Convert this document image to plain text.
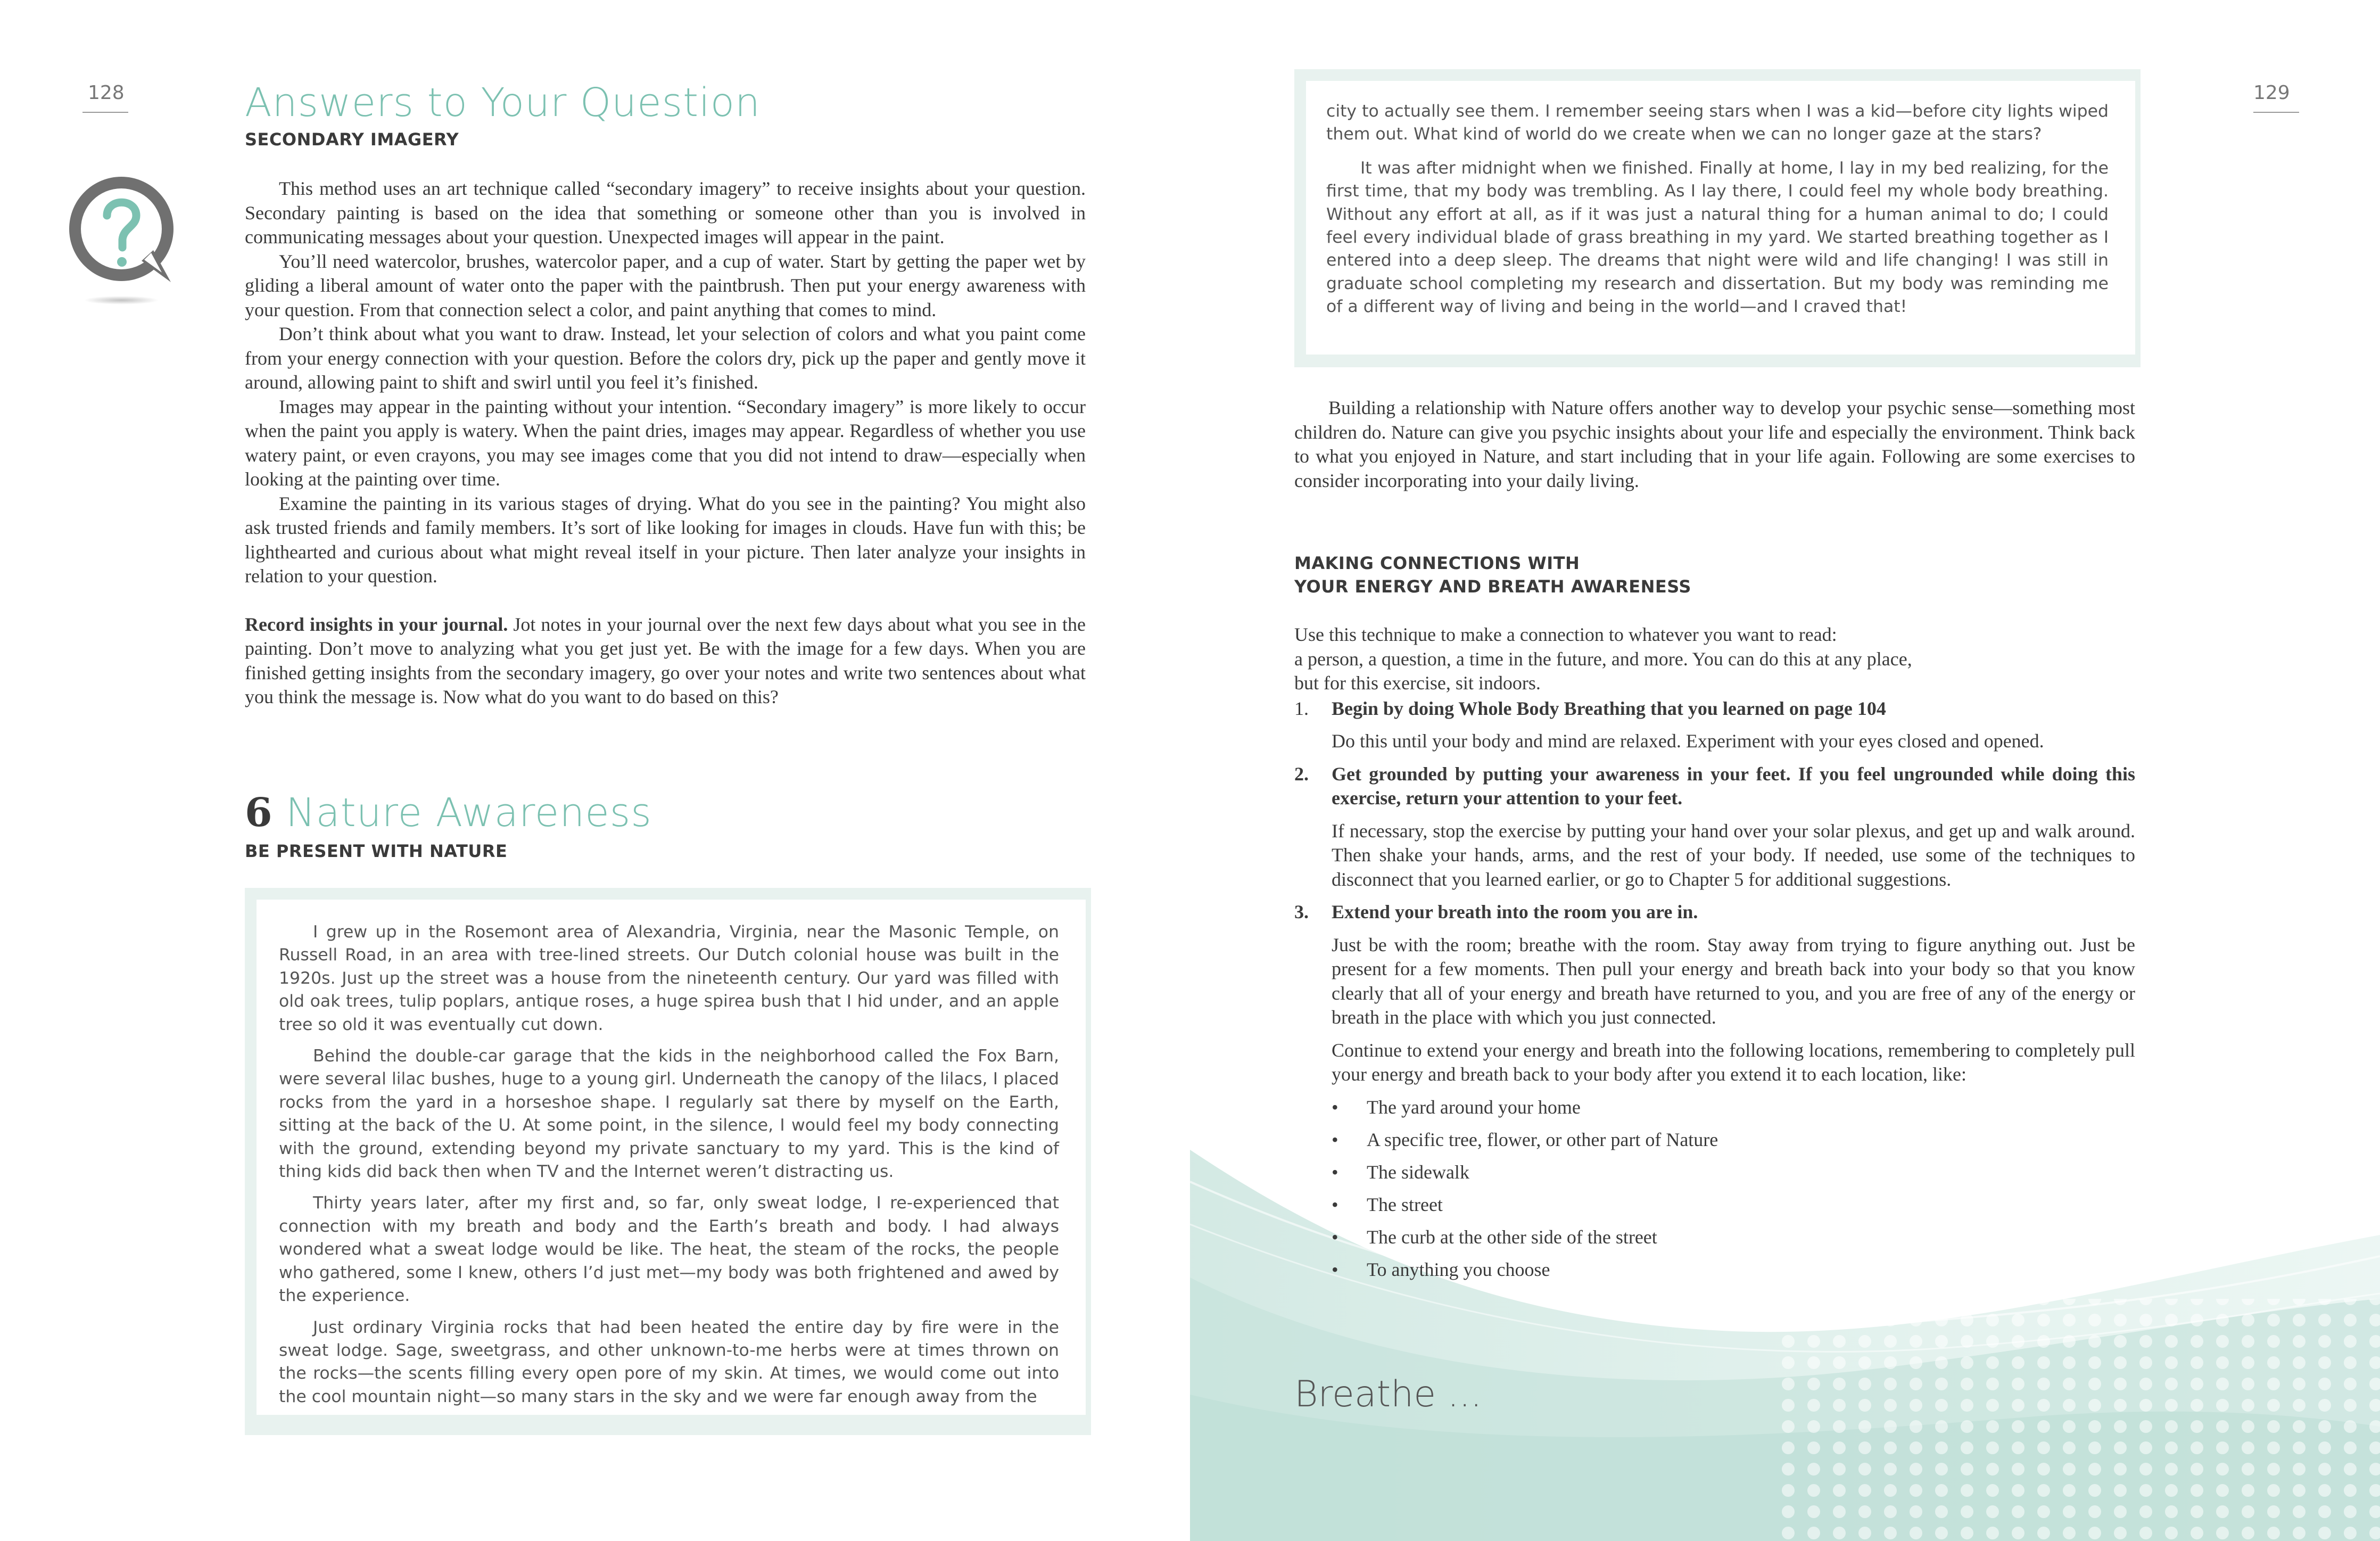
128	Answers to Your Question
SECONDARY IMAGERY

This method uses an art technique called “secondary imagery” to receive insights about your question. Secondary painting is based on the idea that something or someone other than you is involved in communicating messages about your question. Unexpected images will appear in the paint.

You’ll need watercolor, brushes, watercolor paper, and a cup of water. Start by getting the paper wet by gliding a liberal amount of water onto the paper with the paintbrush. Then put your energy awareness with your question. From that connection select a color, and paint anything that comes to mind.

Don’t think about what you want to draw. Instead, let your selection of colors and what you paint come from your energy connection with your question. Before the colors dry, pick up the paper and gently move it around, allowing paint to shift and swirl until you feel it’s finished.

Images may appear in the painting without your intention. “Secondary imagery” is more likely to occur when the paint you apply is watery. When the paint dries, images may appear. Regardless of whether you use watery paint, or even crayons, you may see images come that you did not intend to draw—especially when looking at the painting over time.

Examine the painting in its various stages of drying. What do you see in the painting? You might also ask trusted friends and family members. It’s sort of like looking for images in clouds. Have fun with this; be lighthearted and curious about what might reveal itself in your picture. Then later analyze your insights in relation to your question.

Record insights in your journal. Jot notes in your journal over the next few days about what you see in the painting. Don’t move to analyzing what you get just yet. Be with the image for a few days. When you are finished getting insights from the secondary imagery, go over your notes and write two sentences about what you think the message is. Now what do you want to do based on this?

6 Nature Awareness
BE PRESENT WITH NATURE

I grew up in the Rosemont area of Alexandria, Virginia, near the Masonic Temple, on Russell Road, in an area with tree-lined streets. Our Dutch colonial house was built in the 1920s. Just up the street was a house from the nineteenth century. Our yard was filled with old oak trees, tulip poplars, antique roses, a huge spirea bush that I hid under, and an apple tree so old it was eventually cut down.

Behind the double-car garage that the kids in the neighborhood called the Fox Barn, were several lilac bushes, huge to a young girl. Underneath the canopy of the lilacs, I placed rocks from the yard in a horseshoe shape. I regularly sat there by myself on the Earth, sitting at the back of the U. At some point, in the silence, I would feel my body connecting with the ground, extending beyond my private sanctuary to my yard. This is the kind of thing kids did back then when TV and the Internet weren’t distracting us.

Thirty years later, after my first and, so far, only sweat lodge, I re-experienced that connection with my breath and body and the Earth’s breath and body. I had always wondered what a sweat lodge would be like. The heat, the steam of the rocks, the people who gathered, some I knew, others I’d just met—my body was both frightened and awed by the experience.

Just ordinary Virginia rocks that had been heated the entire day by fire were in the sweat lodge. Sage, sweetgrass, and other unknown-to-me herbs were at times thrown on the rocks—the scents filling every open pore of my skin. At times, we would come out into the cool mountain night—so many stars in the sky and we were far enough away from the

129

city to actually see them. I remember seeing stars when I was a kid—before city lights wiped them out. What kind of world do we create when we can no longer gaze at the stars?

It was after midnight when we finished. Finally at home, I lay in my bed realizing, for the first time, that my body was trembling. As I lay there, I could feel my whole body breathing. Without any effort at all, as if it was just a natural thing for a human animal to do; I could feel every individual blade of grass breathing in my yard. We started breathing together as I entered into a deep sleep. The dreams that night were wild and life changing! I was still in graduate school completing my research and dissertation. But my body was reminding me of a different way of living and being in the world—and I craved that!

Building a relationship with Nature offers another way to develop your psychic sense—something most children do. Nature can give you psychic insights about your life and especially the environment. Think back to what you enjoyed in Nature, and start including that in your life again. Following are some exercises to consider incorporating into your daily living.

MAKING CONNECTIONS WITH
YOUR ENERGY AND BREATH AWARENESS
Use this technique to make a connection to whatever you want to read:
a person, a question, a time in the future, and more. You can do this at any place,
but for this exercise, sit indoors.
1. Begin by doing Whole Body Breathing that you learned on page 104

Do this until your body and mind are relaxed. Experiment with your eyes closed and opened.

2. Get grounded by putting your awareness in your feet. If you feel ungrounded while doing this exercise, return your attention to your feet.

If necessary, stop the exercise by putting your hand over your solar plexus, and get up and walk around. Then shake your hands, arms, and the rest of your body. If needed, use some of the techniques to disconnect that you learned earlier, or go to Chapter 5 for additional suggestions.

3. Extend your breath into the room you are in.

Just be with the room; breathe with the room. Stay away from trying to figure anything out. Just be present for a few moments. Then pull your energy and breath back into your body so that you know clearly that all of your energy and breath have returned to you, and you are free of any of the energy or breath in the place with which you just connected.

Continue to extend your energy and breath into the following locations, remembering to completely pull your energy and breath back to your body after you extend it to each location, like:

• The yard around your home
• A specific tree, flower, or other part of Nature
• The sidewalk
• The street
• The curb at the other side of the street
• To anything you choose
Breathe ...
